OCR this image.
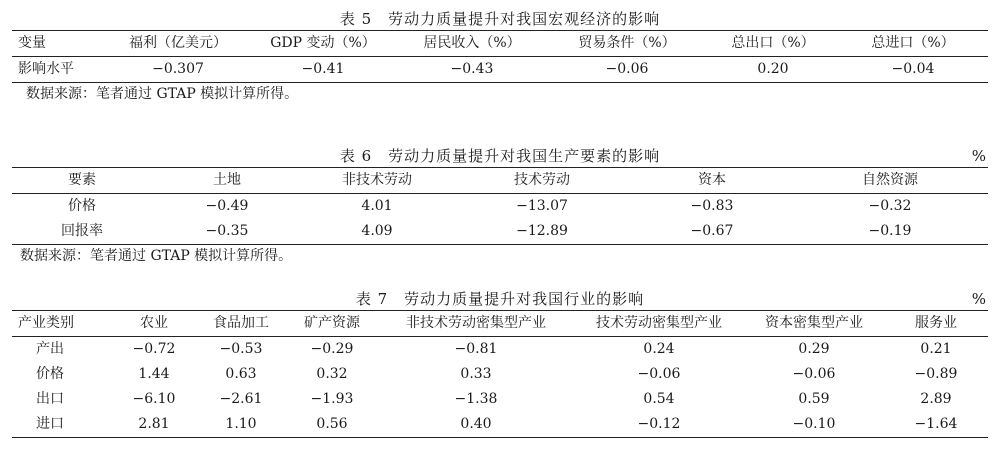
表 5　劳动力质量提升对我国宏观经济的影响
变量	福利（亿美元）	GDP 变动（%）	居民收入（%）	贸易条件（%）	总出口（%）	总进口（%）
影响水平	−0.307	−0.41	−0.43	−0.06	0.20	−0.04
数据来源：笔者通过 GTAP 模拟计算所得。
表 6　劳动力质量提升对我国生产要素的影响	%
要素	土地	非技术劳动	技术劳动	资本	自然资源
价格	−0.49	4.01	−13.07	−0.83	−0.32
回报率	−0.35	4.09	−12.89	−0.67	−0.19
数据来源：笔者通过 GTAP 模拟计算所得。
表 7　劳动力质量提升对我国行业的影响	%
产业类别	农业	食品加工	矿产资源	非技术劳动密集型产业	技术劳动密集型产业	资本密集型产业	服务业
产出	−0.72	−0.53	−0.29	−0.81	0.24	0.29	0.21
价格	1.44	0.63	0.32	0.33	−0.06	−0.06	−0.89
出口	−6.10	−2.61	−1.93	−1.38	0.54	0.59	2.89
进口	2.81	1.10	0.56	0.40	−0.12	−0.10	−1.64
